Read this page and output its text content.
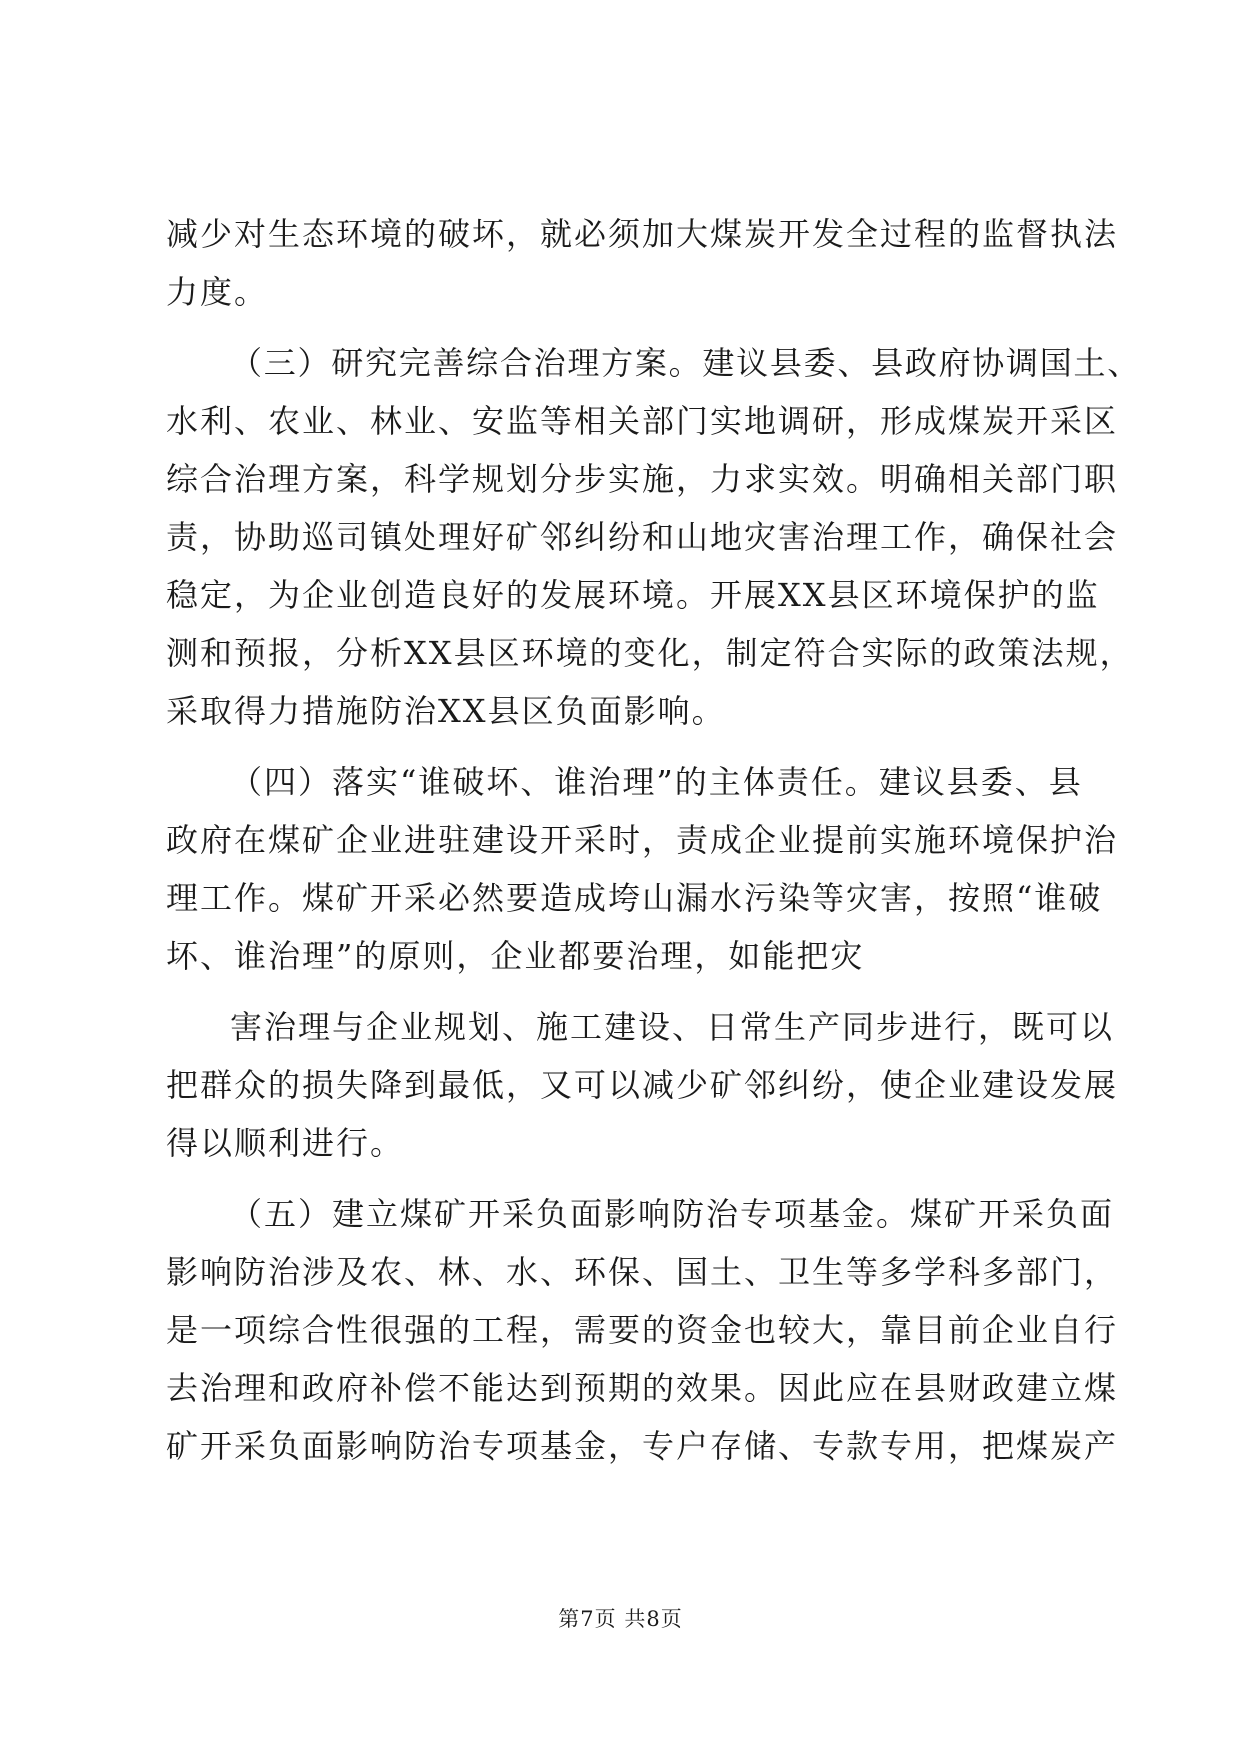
减少对生态环境的破坏，就必须加大煤炭开发全过程的监督执法
力度。
（三）研究完善综合治理方案。建议县委、县政府协调国土、
水利、农业、林业、安监等相关部门实地调研，形成煤炭开采区
综合治理方案，科学规划分步实施，力求实效。明确相关部门职
责，协助巡司镇处理好矿邻纠纷和山地灾害治理工作，确保社会
稳定，为企业创造良好的发展环境。开展XX县区环境保护的监
测和预报，分析XX县区环境的变化，制定符合实际的政策法规，
采取得力措施防治XX县区负面影响。
（四）落实“谁破坏、谁治理”的主体责任。建议县委、县
政府在煤矿企业进驻建设开采时，责成企业提前实施环境保护治
理工作。煤矿开采必然要造成垮山漏水污染等灾害，按照“谁破
坏、谁治理”的原则，企业都要治理，如能把灾
害治理与企业规划、施工建设、日常生产同步进行，既可以
把群众的损失降到最低，又可以减少矿邻纠纷，使企业建设发展
得以顺利进行。
（五）建立煤矿开采负面影响防治专项基金。煤矿开采负面
影响防治涉及农、林、水、环保、国土、卫生等多学科多部门，
是一项综合性很强的工程，需要的资金也较大，靠目前企业自行
去治理和政府补偿不能达到预期的效果。因此应在县财政建立煤
矿开采负面影响防治专项基金，专户存储、专款专用，把煤炭产
第7页 共8页
